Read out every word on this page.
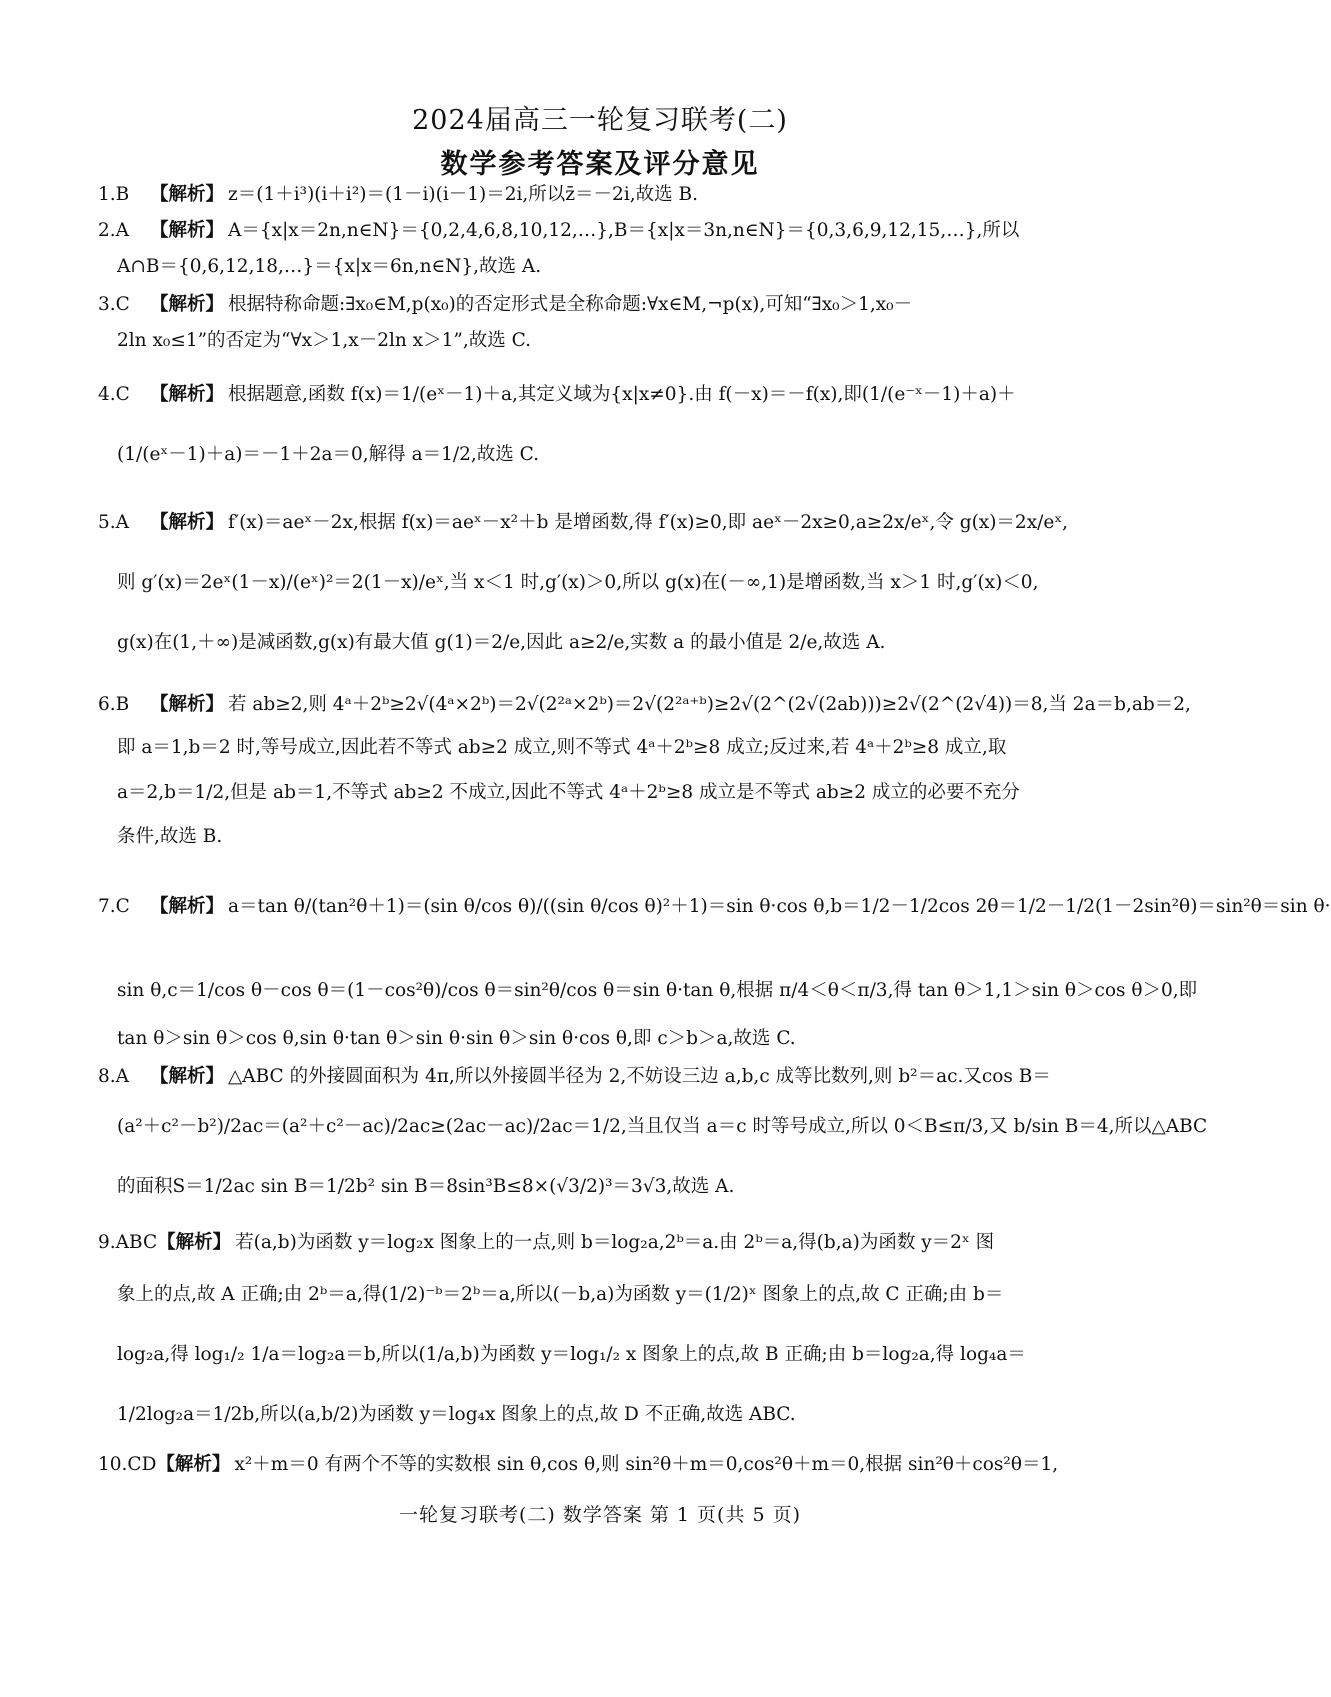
2024届高三一轮复习联考(二)
数学参考答案及评分意见
1.B 【解析】 z＝(1＋i³)(i＋i²)＝(1－i)(i－1)＝2i,所以z̄＝－2i,故选 B.
2.A 【解析】 A＝{x|x＝2n,n∈N}＝{0,2,4,6,8,10,12,…},B＝{x|x＝3n,n∈N}＝{0,3,6,9,12,15,…},所以
A∩B＝{0,6,12,18,…}＝{x|x＝6n,n∈N},故选 A.
3.C 【解析】 根据特称命题:∃x₀∈M,p(x₀)的否定形式是全称命题:∀x∈M,¬p(x),可知“∃x₀＞1,x₀－
2ln x₀≤1”的否定为“∀x＞1,x－2ln x＞1”,故选 C.
4.C 【解析】 根据题意,函数 f(x)＝1/(eˣ－1)＋a,其定义域为{x|x≠0}.由 f(－x)＝－f(x),即(1/(e⁻ˣ－1)＋a)＋
(1/(eˣ－1)＋a)＝－1＋2a＝0,解得 a＝1/2,故选 C.
5.A 【解析】 f′(x)＝aeˣ－2x,根据 f(x)＝aeˣ－x²＋b 是增函数,得 f′(x)≥0,即 aeˣ－2x≥0,a≥2x/eˣ,令 g(x)＝2x/eˣ,
则 g′(x)＝2eˣ(1－x)/(eˣ)²＝2(1－x)/eˣ,当 x＜1 时,g′(x)＞0,所以 g(x)在(－∞,1)是增函数,当 x＞1 时,g′(x)＜0,
g(x)在(1,＋∞)是减函数,g(x)有最大值 g(1)＝2/e,因此 a≥2/e,实数 a 的最小值是 2/e,故选 A.
6.B 【解析】 若 ab≥2,则 4ᵃ＋2ᵇ≥2√(4ᵃ×2ᵇ)＝2√(2²ᵃ×2ᵇ)＝2√(2²ᵃ⁺ᵇ)≥2√(2^(2√(2ab)))≥2√(2^(2√4))＝8,当 2a＝b,ab＝2,
即 a＝1,b＝2 时,等号成立,因此若不等式 ab≥2 成立,则不等式 4ᵃ＋2ᵇ≥8 成立;反过来,若 4ᵃ＋2ᵇ≥8 成立,取
a＝2,b＝1/2,但是 ab＝1,不等式 ab≥2 不成立,因此不等式 4ᵃ＋2ᵇ≥8 成立是不等式 ab≥2 成立的必要不充分
条件,故选 B.
7.C 【解析】 a＝tan θ/(tan²θ＋1)＝(sin θ/cos θ)/((sin θ/cos θ)²＋1)＝sin θ·cos θ,b＝1/2－1/2cos 2θ＝1/2－1/2(1－2sin²θ)＝sin²θ＝sin θ·
sin θ,c＝1/cos θ－cos θ＝(1－cos²θ)/cos θ＝sin²θ/cos θ＝sin θ·tan θ,根据 π/4＜θ＜π/3,得 tan θ＞1,1＞sin θ＞cos θ＞0,即
tan θ＞sin θ＞cos θ,sin θ·tan θ＞sin θ·sin θ＞sin θ·cos θ,即 c＞b＞a,故选 C.
8.A 【解析】 △ABC 的外接圆面积为 4π,所以外接圆半径为 2,不妨设三边 a,b,c 成等比数列,则 b²＝ac.又cos B＝
(a²＋c²－b²)/2ac＝(a²＋c²－ac)/2ac≥(2ac－ac)/2ac＝1/2,当且仅当 a＝c 时等号成立,所以 0＜B≤π/3,又 b/sin B＝4,所以△ABC
的面积S＝1/2ac sin B＝1/2b² sin B＝8sin³B≤8×(√3/2)³＝3√3,故选 A.
9.ABC【解析】 若(a,b)为函数 y＝log₂x 图象上的一点,则 b＝log₂a,2ᵇ＝a.由 2ᵇ＝a,得(b,a)为函数 y＝2ˣ 图
象上的点,故 A 正确;由 2ᵇ＝a,得(1/2)⁻ᵇ＝2ᵇ＝a,所以(－b,a)为函数 y＝(1/2)ˣ 图象上的点,故 C 正确;由 b＝
log₂a,得 log₁/₂ 1/a＝log₂a＝b,所以(1/a,b)为函数 y＝log₁/₂ x 图象上的点,故 B 正确;由 b＝log₂a,得 log₄a＝
1/2log₂a＝1/2b,所以(a,b/2)为函数 y＝log₄x 图象上的点,故 D 不正确,故选 ABC.
10.CD【解析】 x²＋m＝0 有两个不等的实数根 sin θ,cos θ,则 sin²θ＋m＝0,cos²θ＋m＝0,根据 sin²θ＋cos²θ＝1,
一轮复习联考(二) 数学答案 第 1 页(共 5 页)
